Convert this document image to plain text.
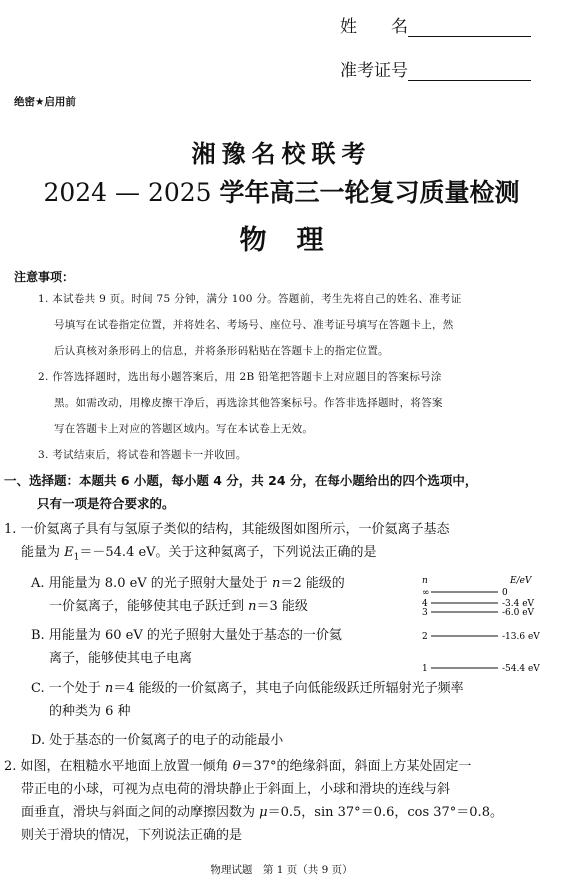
姓　　名
准考证号
绝密★启用前
湘豫名校联考
2024 — 2025 学年高三一轮复习质量检测
物理
注意事项：
1. 本试卷共 9 页。时间 75 分钟，满分 100 分。答题前，考生先将自己的姓名、准考证
号填写在试卷指定位置，并将姓名、考场号、座位号、准考证号填写在答题卡上，然
后认真核对条形码上的信息，并将条形码粘贴在答题卡上的指定位置。
2. 作答选择题时，选出每小题答案后，用 2B 铅笔把答题卡上对应题目的答案标号涂
黑。如需改动，用橡皮擦干净后，再选涂其他答案标号。作答非选择题时，将答案
写在答题卡上对应的答题区域内。写在本试卷上无效。
3. 考试结束后，将试卷和答题卡一并收回。
一、选择题：本题共 6 小题，每小题 4 分，共 24 分，在每小题给出的四个选项中，
只有一项是符合要求的。
1. 一价氦离子具有与氢原子类似的结构，其能级图如图所示，一价氦离子基态
能量为 $E_1=-54.4$ eV。关于这种氦离子，下列说法正确的是
A. 用能量为 8.0 eV 的光子照射大量处于 n＝2 能级的
一价氦离子，能够使其电子跃迁到 n＝3 能级
B. 用能量为 60 eV 的光子照射大量处于基态的一价氦
离子，能够使其电子电离
C. 一个处于 n＝4 能级的一价氦离子，其电子向低能级跃迁所辐射光子频率
的种类为 6 种
D. 处于基态的一价氦离子的电子的动能最小
n	E/eV
∞	0
4	-3.4 eV
3	-6.0 eV
2	-13.6 eV
1	-54.4 eV
2. 如图，在粗糙水平地面上放置一倾角 θ＝37°的绝缘斜面，斜面上方某处固定一
带正电的小球，可视为点电荷的滑块静止于斜面上，小球和滑块的连线与斜
面垂直，滑块与斜面之间的动摩擦因数为 μ＝0.5，sin 37°＝0.6，cos 37°＝0.8。
则关于滑块的情况，下列说法正确的是
物理试题　第 1 页（共 9 页）
